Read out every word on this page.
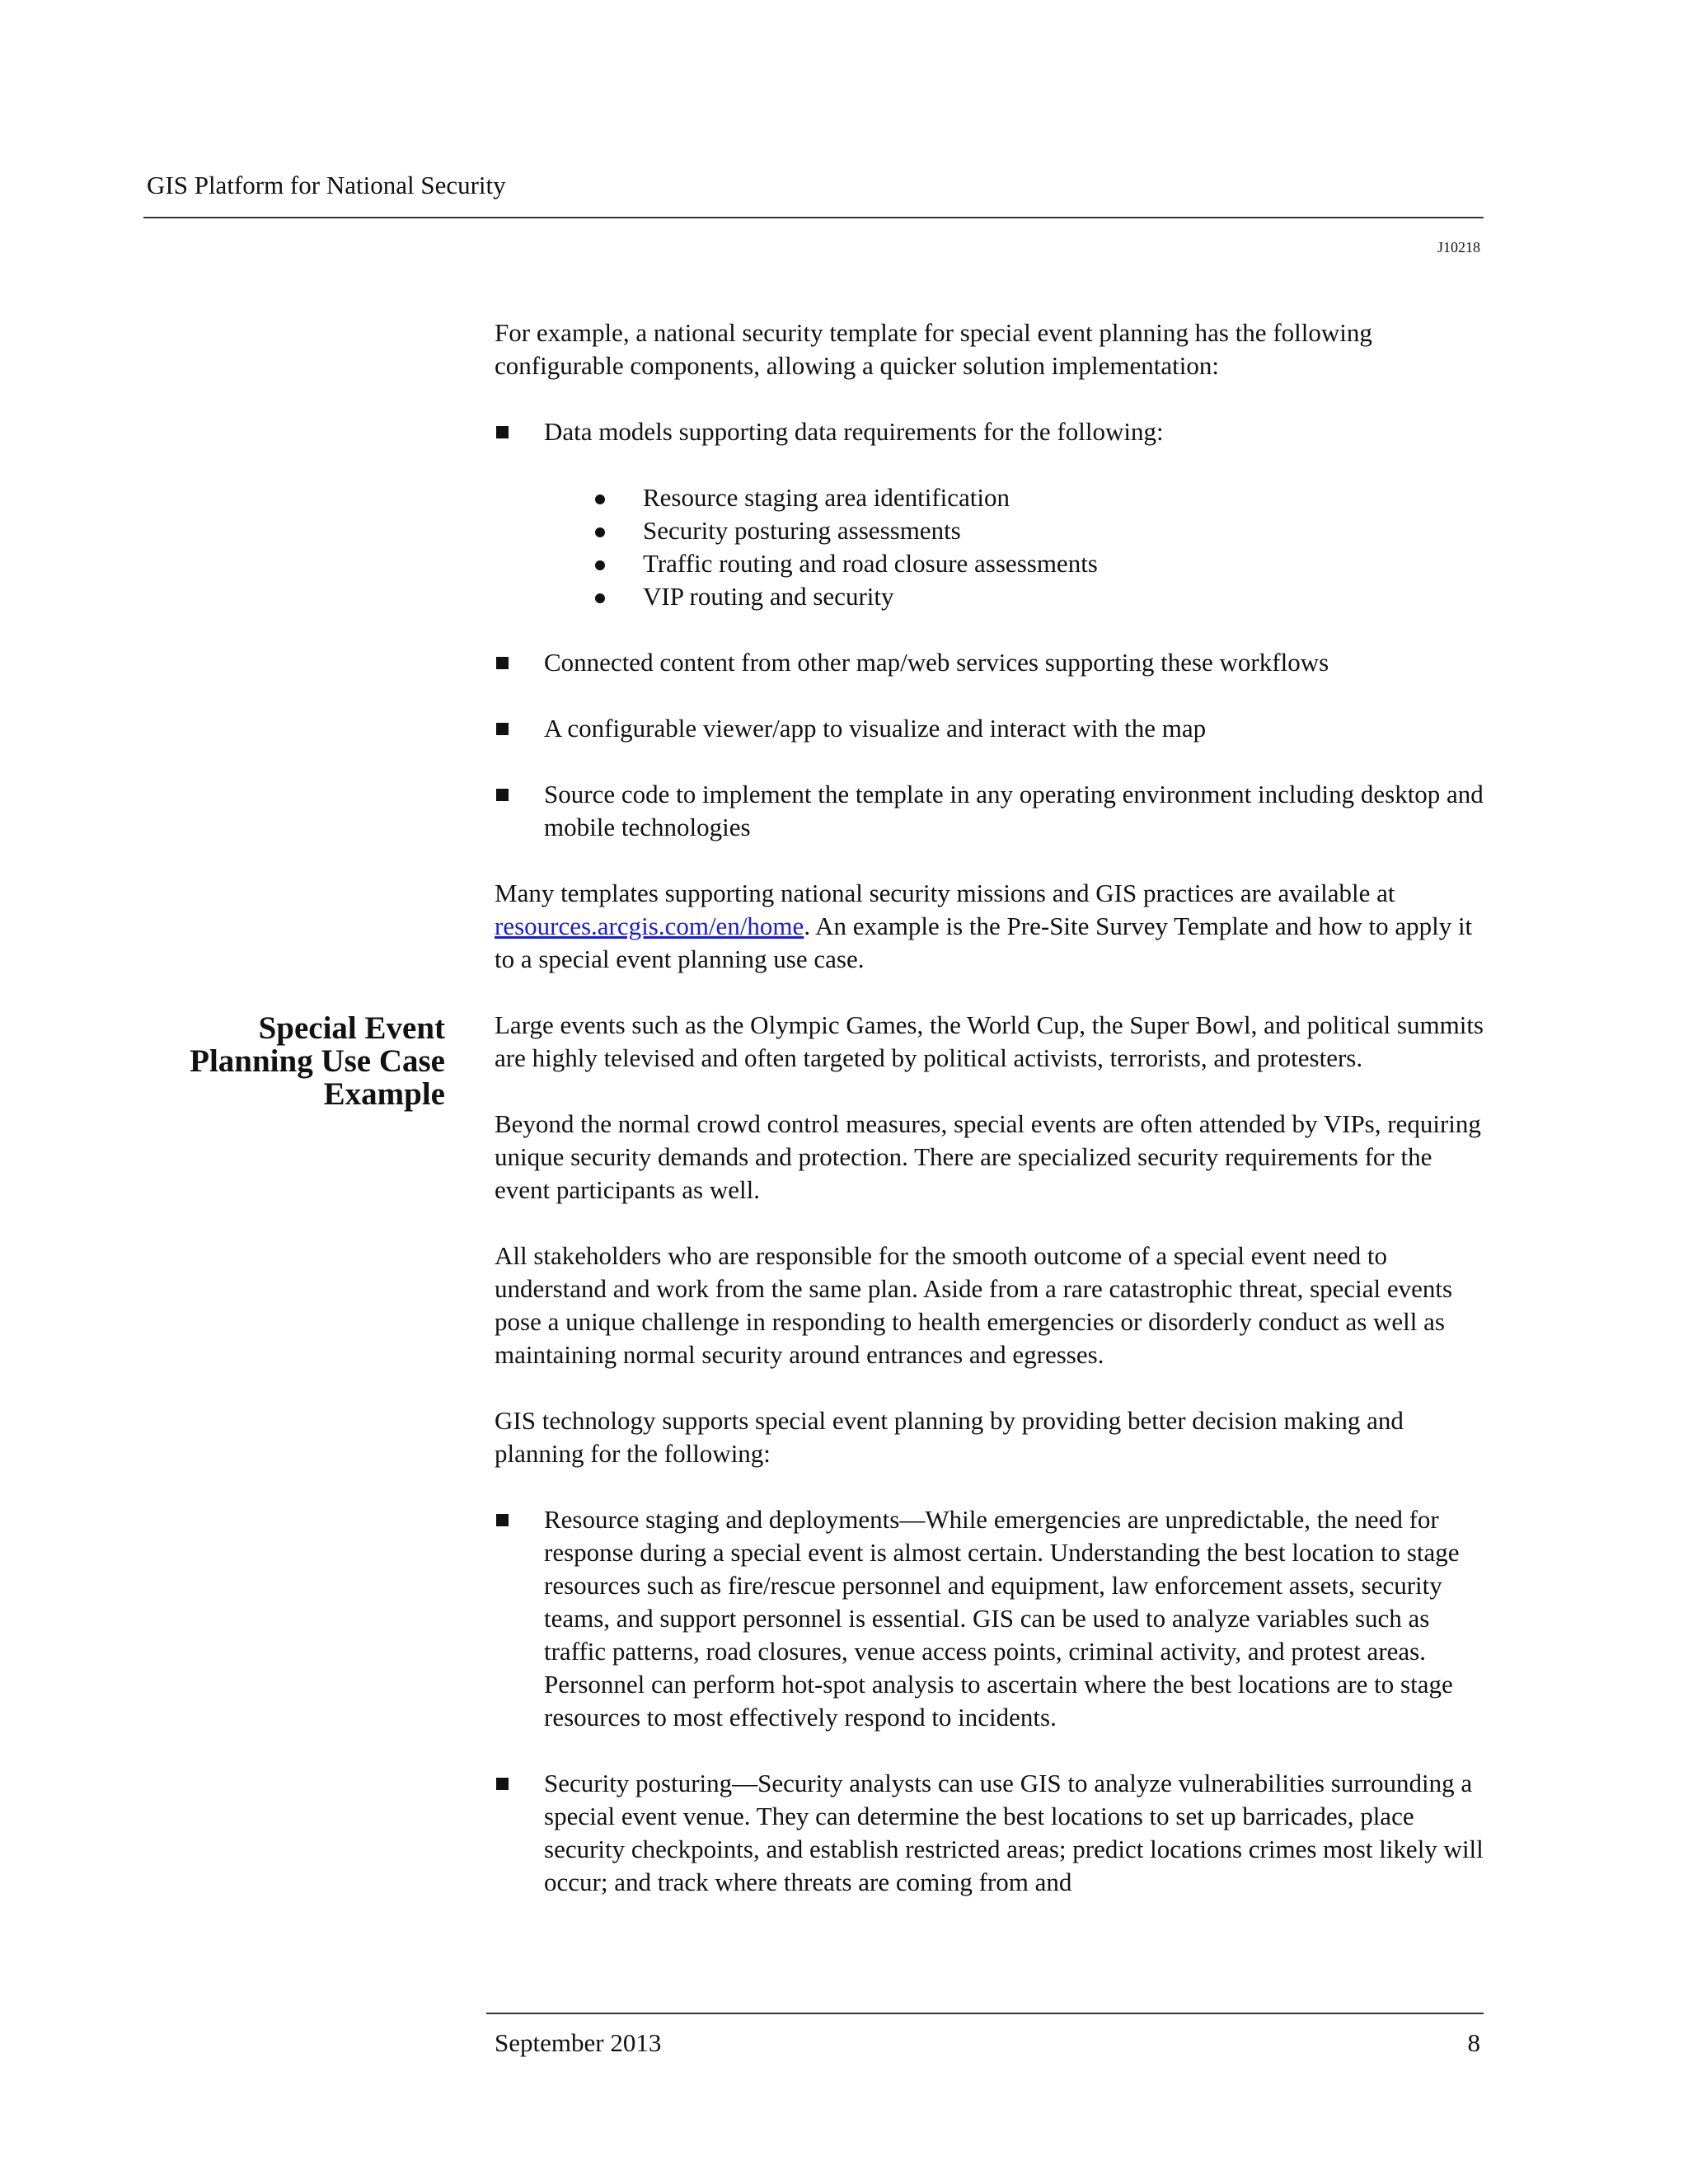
GIS Platform for National Security
J10218
Special Event
Planning Use Case
Example

For example, a national security template for special event planning has the following configurable components, allowing a quicker solution implementation:

Data models supporting data requirements for the following:
Resource staging area identification
Security posturing assessments
Traffic routing and road closure assessments
VIP routing and security
Connected content from other map/web services supporting these workflows
A configurable viewer/app to visualize and interact with the map
Source code to implement the template in any operating environment including desktop and mobile technologies

Many templates supporting national security missions and GIS practices are available at resources.arcgis.com/en/home. An example is the Pre-Site Survey Template and how to apply it to a special event planning use case.

Large events such as the Olympic Games, the World Cup, the Super Bowl, and political summits are highly televised and often targeted by political activists, terrorists, and protesters.

Beyond the normal crowd control measures, special events are often attended by VIPs, requiring unique security demands and protection. There are specialized security requirements for the event participants as well.

All stakeholders who are responsible for the smooth outcome of a special event need to understand and work from the same plan. Aside from a rare catastrophic threat, special events pose a unique challenge in responding to health emergencies or disorderly conduct as well as maintaining normal security around entrances and egresses.

GIS technology supports special event planning by providing better decision making and planning for the following:

Resource staging and deployments—While emergencies are unpredictable, the need for response during a special event is almost certain. Understanding the best location to stage resources such as fire/rescue personnel and equipment, law enforcement assets, security teams, and support personnel is essential. GIS can be used to analyze variables such as traffic patterns, road closures, venue access points, criminal activity, and protest areas. Personnel can perform hot-spot analysis to ascertain where the best locations are to stage resources to most effectively respond to incidents.
Security posturing—Security analysts can use GIS to analyze vulnerabilities surrounding a special event venue. They can determine the best locations to set up barricades, place security checkpoints, and establish restricted areas; predict locations crimes most likely will occur; and track where threats are coming from and
September 2013	8
